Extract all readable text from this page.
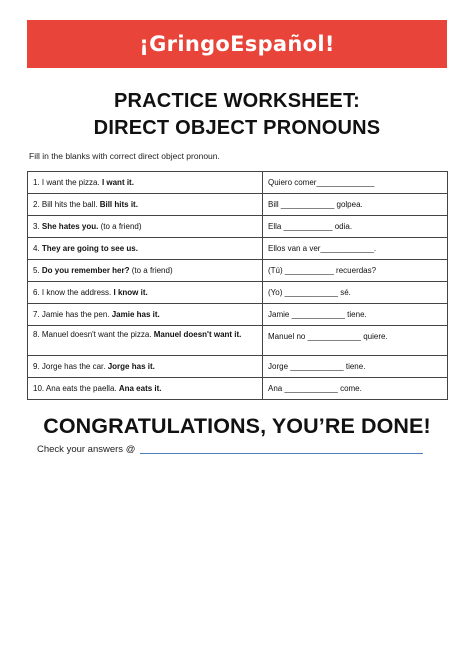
¡GringoEspañol!
PRACTICE WORKSHEET:
DIRECT OBJECT PRONOUNS
Fill in the blanks with correct direct object pronoun.
1. I want the pizza. I want it.	Quiero comer_____________
2. Bill hits the ball. Bill hits it.	Bill ____________ golpea.
3. She hates you. (to a friend)	Ella ___________ odia.
4. They are going to see us.	Ellos van a ver____________.
5. Do you remember her? (to a friend)	(Tú) ___________ recuerdas?
6. I know the address. I know it.	(Yo) ____________ sé.
7. Jamie has the pen. Jamie has it.	Jamie ____________ tiene.
8. Manuel doesn't want the pizza. Manuel doesn't want it.	Manuel no ____________ quiere.
9. Jorge has the car. Jorge has it.	Jorge ____________ tiene.
10. Ana eats the paella. Ana eats it.	Ana ____________ come.
CONGRATULATIONS, YOU’RE DONE!
Check your answers @
